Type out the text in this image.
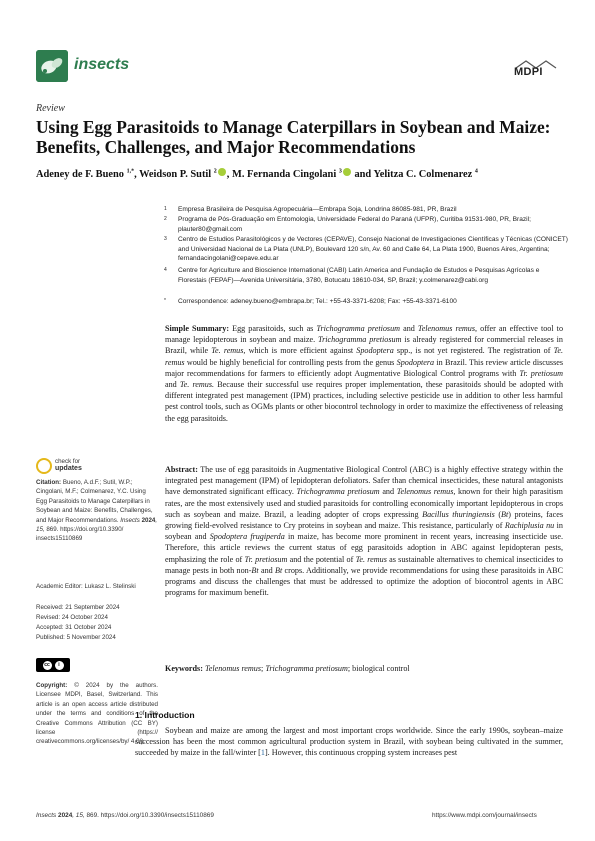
insects	MDPI
Review
Using Egg Parasitoids to Manage Caterpillars in Soybean and Maize: Benefits, Challenges, and Major Recommendations
Adeney de F. Bueno $^{1,*}$, Weidson P. Sutil $^2$ , M. Fernanda Cingolani $^3$ and Yelitza C. Colmenarez $^4$
1 Empresa Brasileira de Pesquisa Agropecuária—Embrapa Soja, Londrina 86085-981, PR, Brazil
2 Programa de Pós-Graduação em Entomologia, Universidade Federal do Paraná (UFPR), Curitiba 91531-980, PR, Brazil; plauter80@gmail.com
3 Centro de Estudios Parasitológicos y de Vectores (CEPAVE), Consejo Nacional de Investigaciones Científicas y Técnicas (CONICET) and Universidad Nacional de La Plata (UNLP), Boulevard 120 s/n, Av. 60 and Calle 64, La Plata 1900, Buenos Aires, Argentina; fernandacingolani@cepave.edu.ar
4 Centre for Agriculture and Bioscience International (CABI) Latin America and Fundação de Estudos e Pesquisas Agrícolas e Florestais (FEPAF)—Avenida Universitária, 3780, Botucatu 18610-034, SP, Brazil; y.colmenarez@cabi.org
* Correspondence: adeney.bueno@embrapa.br; Tel.: +55-43-3371-6208; Fax: +55-43-3371-6100
Simple Summary: Egg parasitoids, such as Trichogramma pretiosum and Telenomus remus, offer an effective tool to manage lepidopterous in soybean and maize. Trichogramma pretiosum is already registered for commercial releases in Brazil, while Te. remus, which is more efficient against Spodoptera spp., is not yet registered. The registration of Te. remus would be highly beneficial for controlling pests from the genus Spodoptera in Brazil. This review article discusses major recommendations for farmers to efficiently adopt Augmentative Biological Control programs with Tr. pretiosum and Te. remus. Because their successful use requires proper implementation, these parasitoids should be adopted with different integrated pest management (IPM) practices, including selective pesticide use in addition to other less harmful pest control tools, such as OGMs plants or other biocontrol technology in order to maximize the effectiveness of releasing the egg parasitoids.
Abstract: The use of egg parasitoids in Augmentative Biological Control (ABC) is a highly effective strategy within the integrated pest management (IPM) of lepidopteran defoliators. Safer than chemical insecticides, these natural antagonists have demonstrated significant efficacy. Trichogramma pretiosum and Telenomus remus, known for their high parasitism rates, are the most extensively used and studied parasitoids for controlling economically important lepidopterous in crops such as soybean and maize. Brazil, a leading adopter of crops expressing Bacillus thuringiensis (Bt) proteins, faces growing field-evolved resistance to Cry proteins in soybean and maize. This resistance, particularly of Rachiplusia nu in soybean and Spodoptera frugiperda in maize, has become more prominent in recent years, increasing insecticide use. Therefore, this article reviews the current status of egg parasitoids adoption in ABC against lepidopteran pests, emphasizing the role of Tr. pretiosum and the potential of Te. remus as sustainable alternatives to chemical insecticides to manage pests in both non-Bt and Bt crops. Additionally, we provide recommendations for using these parasitoids in ABC programs and discuss the challenges that must be addressed to optimize the adoption of biocontrol agents in ABC programs for maximum benefit.
Keywords: Telenomus remus; Trichogramma pretiosum; biological control
check for
updates
Citation: Bueno, A.d.F.; Sutil, W.P.; Cingolani, M.F.; Colmenarez, Y.C. Using Egg Parasitoids to Manage Caterpillars in Soybean and Maize: Benefits, Challenges, and Major Recommendations. Insects 2024, 15, 869. https://doi.org/10.3390/ insects15110869
Academic Editor: Lukasz L. Stelinski
Received: 21 September 2024
Revised: 24 October 2024
Accepted: 31 October 2024
Published: 5 November 2024
cc	i
Copyright: © 2024 by the authors. Licensee MDPI, Basel, Switzerland. This article is an open access article distributed under the terms and conditions of the Creative Commons Attribution (CC BY) license (https:// creativecommons.org/licenses/by/ 4.0/).
1. Introduction
Soybean and maize are among the largest and most important crops worldwide. Since the early 1990s, soybean–maize succession has been the most common agricultural production system in Brazil, with soybean being cultivated in the summer, succeeded by maize in the fall/winter [1]. However, this continuous cropping system increases pest
Insects 2024, 15, 869. https://doi.org/10.3390/insects15110869	https://www.mdpi.com/journal/insects
